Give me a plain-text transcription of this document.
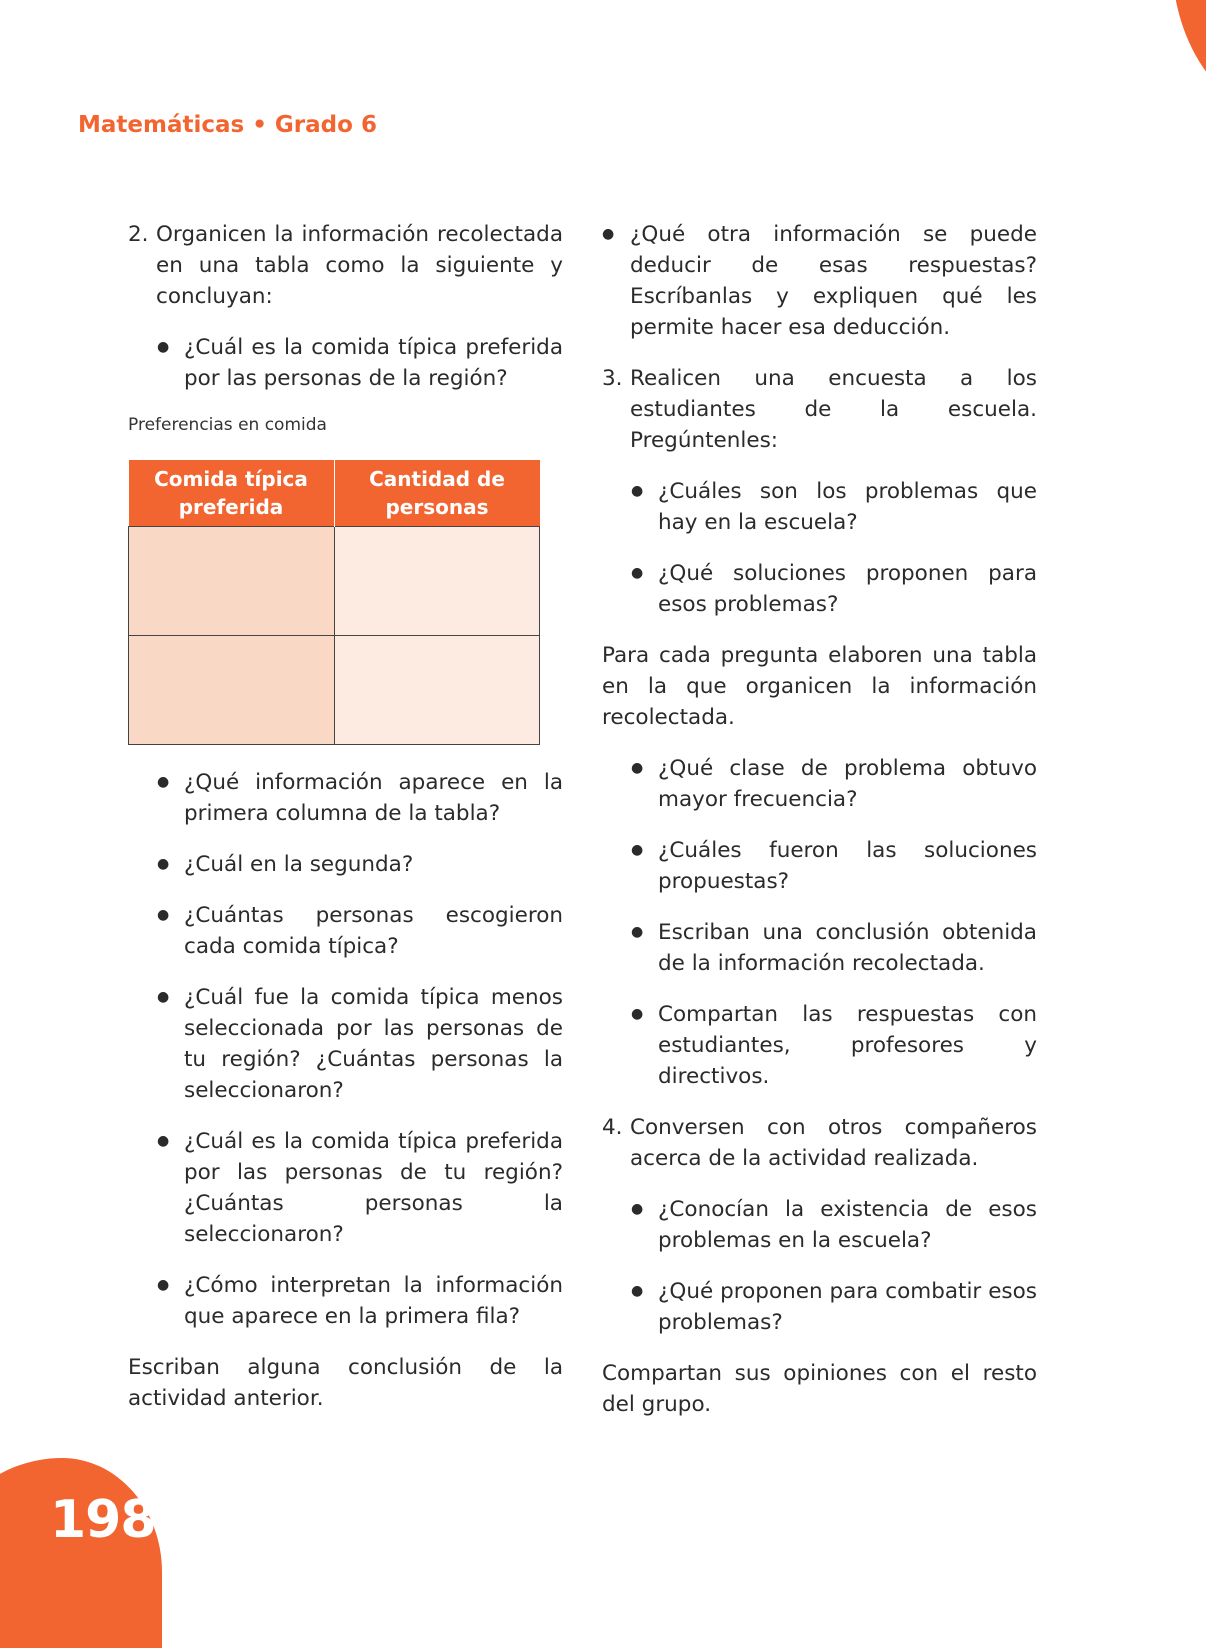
Matemáticas • Grado 6
2. Organicen la información recolectada en una tabla como la siguiente y concluyan:
● ¿Cuál es la comida típica preferida por las personas de la región?
Preferencias en comida
Comida típica preferida	Cantidad de personas

● ¿Qué información aparece en la primera columna de la tabla?
● ¿Cuál en la segunda?
● ¿Cuántas personas escogieron cada comida típica?
● ¿Cuál fue la comida típica menos seleccionada por las personas de tu región? ¿Cuántas personas la seleccionaron?
● ¿Cuál es la comida típica preferida por las personas de tu región? ¿Cuántas personas la seleccionaron?
● ¿Cómo interpretan la información que aparece en la primera fila?

Escriban alguna conclusión de la actividad anterior.

● ¿Qué otra información se puede deducir de esas respuestas? Escríbanlas y expliquen qué les permite hacer esa deducción.
3. Realicen una encuesta a los estudiantes de la escuela. Pregúntenles:
● ¿Cuáles son los problemas que hay en la escuela?
● ¿Qué soluciones proponen para esos problemas?

Para cada pregunta elaboren una tabla en la que organicen la información recolectada.

● ¿Qué clase de problema obtuvo mayor frecuencia?
● ¿Cuáles fueron las soluciones propuestas?
● Escriban una conclusión obtenida de la información recolectada.
● Compartan las respuestas con estudiantes, profesores y directivos.
4. Conversen con otros compañeros acerca de la actividad realizada.
● ¿Conocían la existencia de esos problemas en la escuela?
● ¿Qué proponen para combatir esos problemas?

Compartan sus opiniones con el resto del grupo.

198
